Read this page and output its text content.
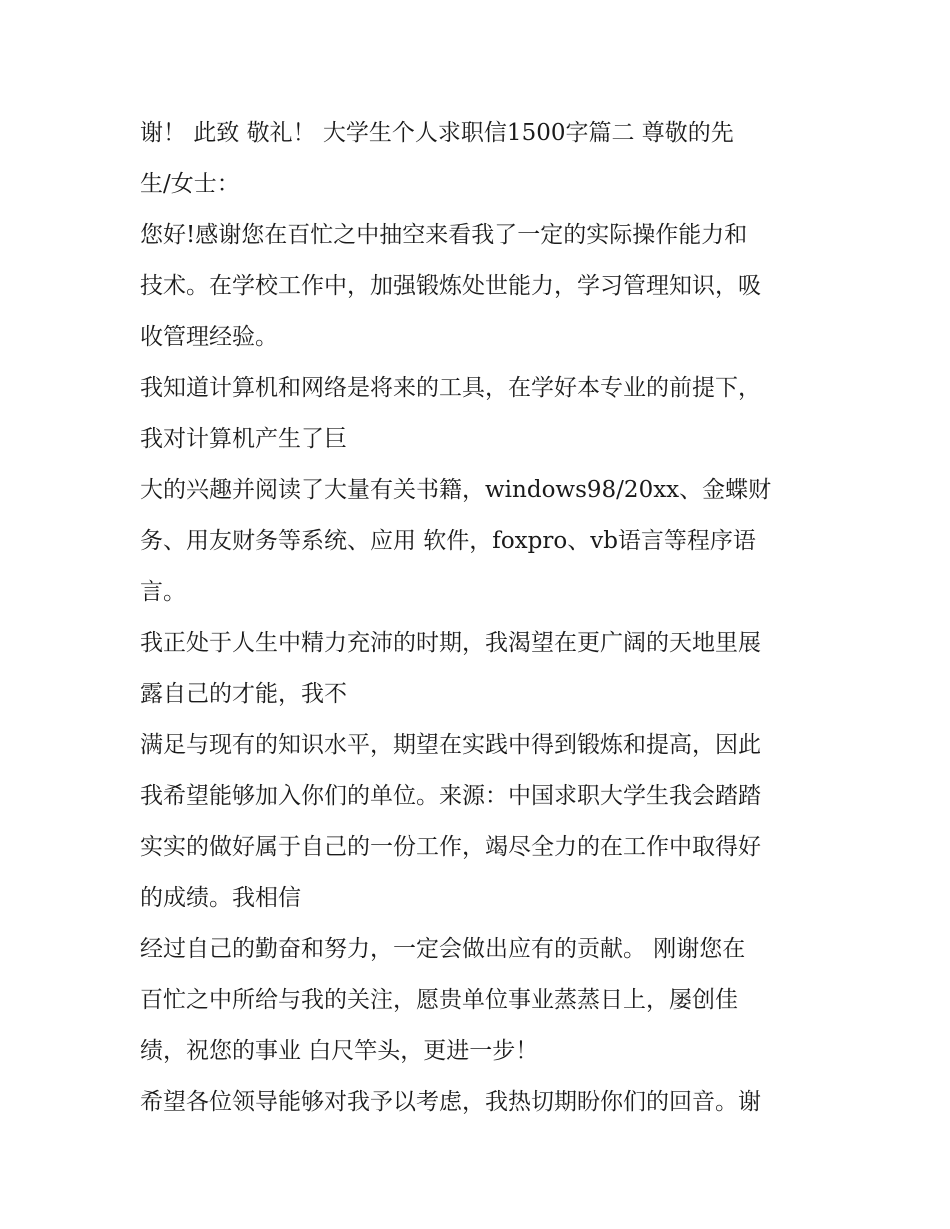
谢！ 此致 敬礼！ 大学生个人求职信1500字篇二 尊敬的先
生/女士：
您好!感谢您在百忙之中抽空来看我了一定的实际操作能力和
技术。在学校工作中，加强锻炼处世能力，学习管理知识，吸
收管理经验。
我知道计算机和网络是将来的工具，在学好本专业的前提下，
我对计算机产生了巨
大的兴趣并阅读了大量有关书籍，windows98/20xx、金蝶财
务、用友财务等系统、应用 软件，foxpro、vb语言等程序语
言。
我正处于人生中精力充沛的时期，我渴望在更广阔的天地里展
露自己的才能，我不
满足与现有的知识水平，期望在实践中得到锻炼和提高，因此
我希望能够加入你们的单位。来源：中国求职大学生我会踏踏
实实的做好属于自己的一份工作，竭尽全力的在工作中取得好
的成绩。我相信
经过自己的勤奋和努力，一定会做出应有的贡献。 刚谢您在
百忙之中所给与我的关注，愿贵单位事业蒸蒸日上，屡创佳
绩，祝您的事业 白尺竿头，更进一步！
希望各位领导能够对我予以考虑，我热切期盼你们的回音。谢
